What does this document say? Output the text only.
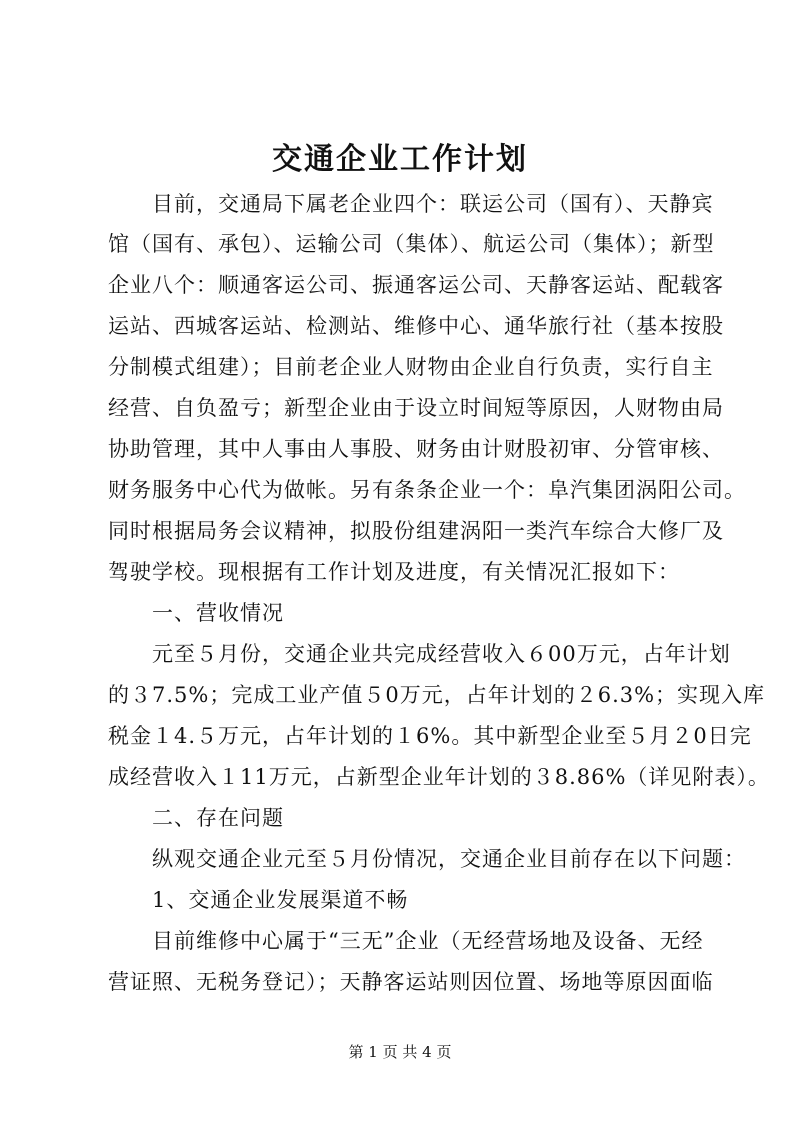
交通企业工作计划
目前，交通局下属老企业四个：联运公司（国有）、天静宾
馆（国有、承包）、运输公司（集体）、航运公司（集体）；新型
企业八个：顺通客运公司、振通客运公司、天静客运站、配载客
运站、西城客运站、检测站、维修中心、通华旅行社（基本按股
分制模式组建）；目前老企业人财物由企业自行负责，实行自主
经营、自负盈亏；新型企业由于设立时间短等原因，人财物由局
协助管理，其中人事由人事股、财务由计财股初审、分管审核、
财务服务中心代为做帐。另有条条企业一个：阜汽集团涡阳公司。
同时根据局务会议精神，拟股份组建涡阳一类汽车综合大修厂及
驾驶学校。现根据有工作计划及进度，有关情况汇报如下：
一、营收情况
元至５月份，交通企业共完成经营收入６00万元，占年计划
的３7.5%；完成工业产值５0万元，占年计划的２6.3%；实现入库
税金１4.５万元，占年计划的１6%。其中新型企业至５月２0日完
成经营收入１11万元，占新型企业年计划的３8.86%（详见附表）。
二、存在问题
纵观交通企业元至５月份情况，交通企业目前存在以下问题：
1、交通企业发展渠道不畅
目前维修中心属于“三无”企业（无经营场地及设备、无经
营证照、无税务登记）；天静客运站则因位置、场地等原因面临
第 1 页 共 4 页
